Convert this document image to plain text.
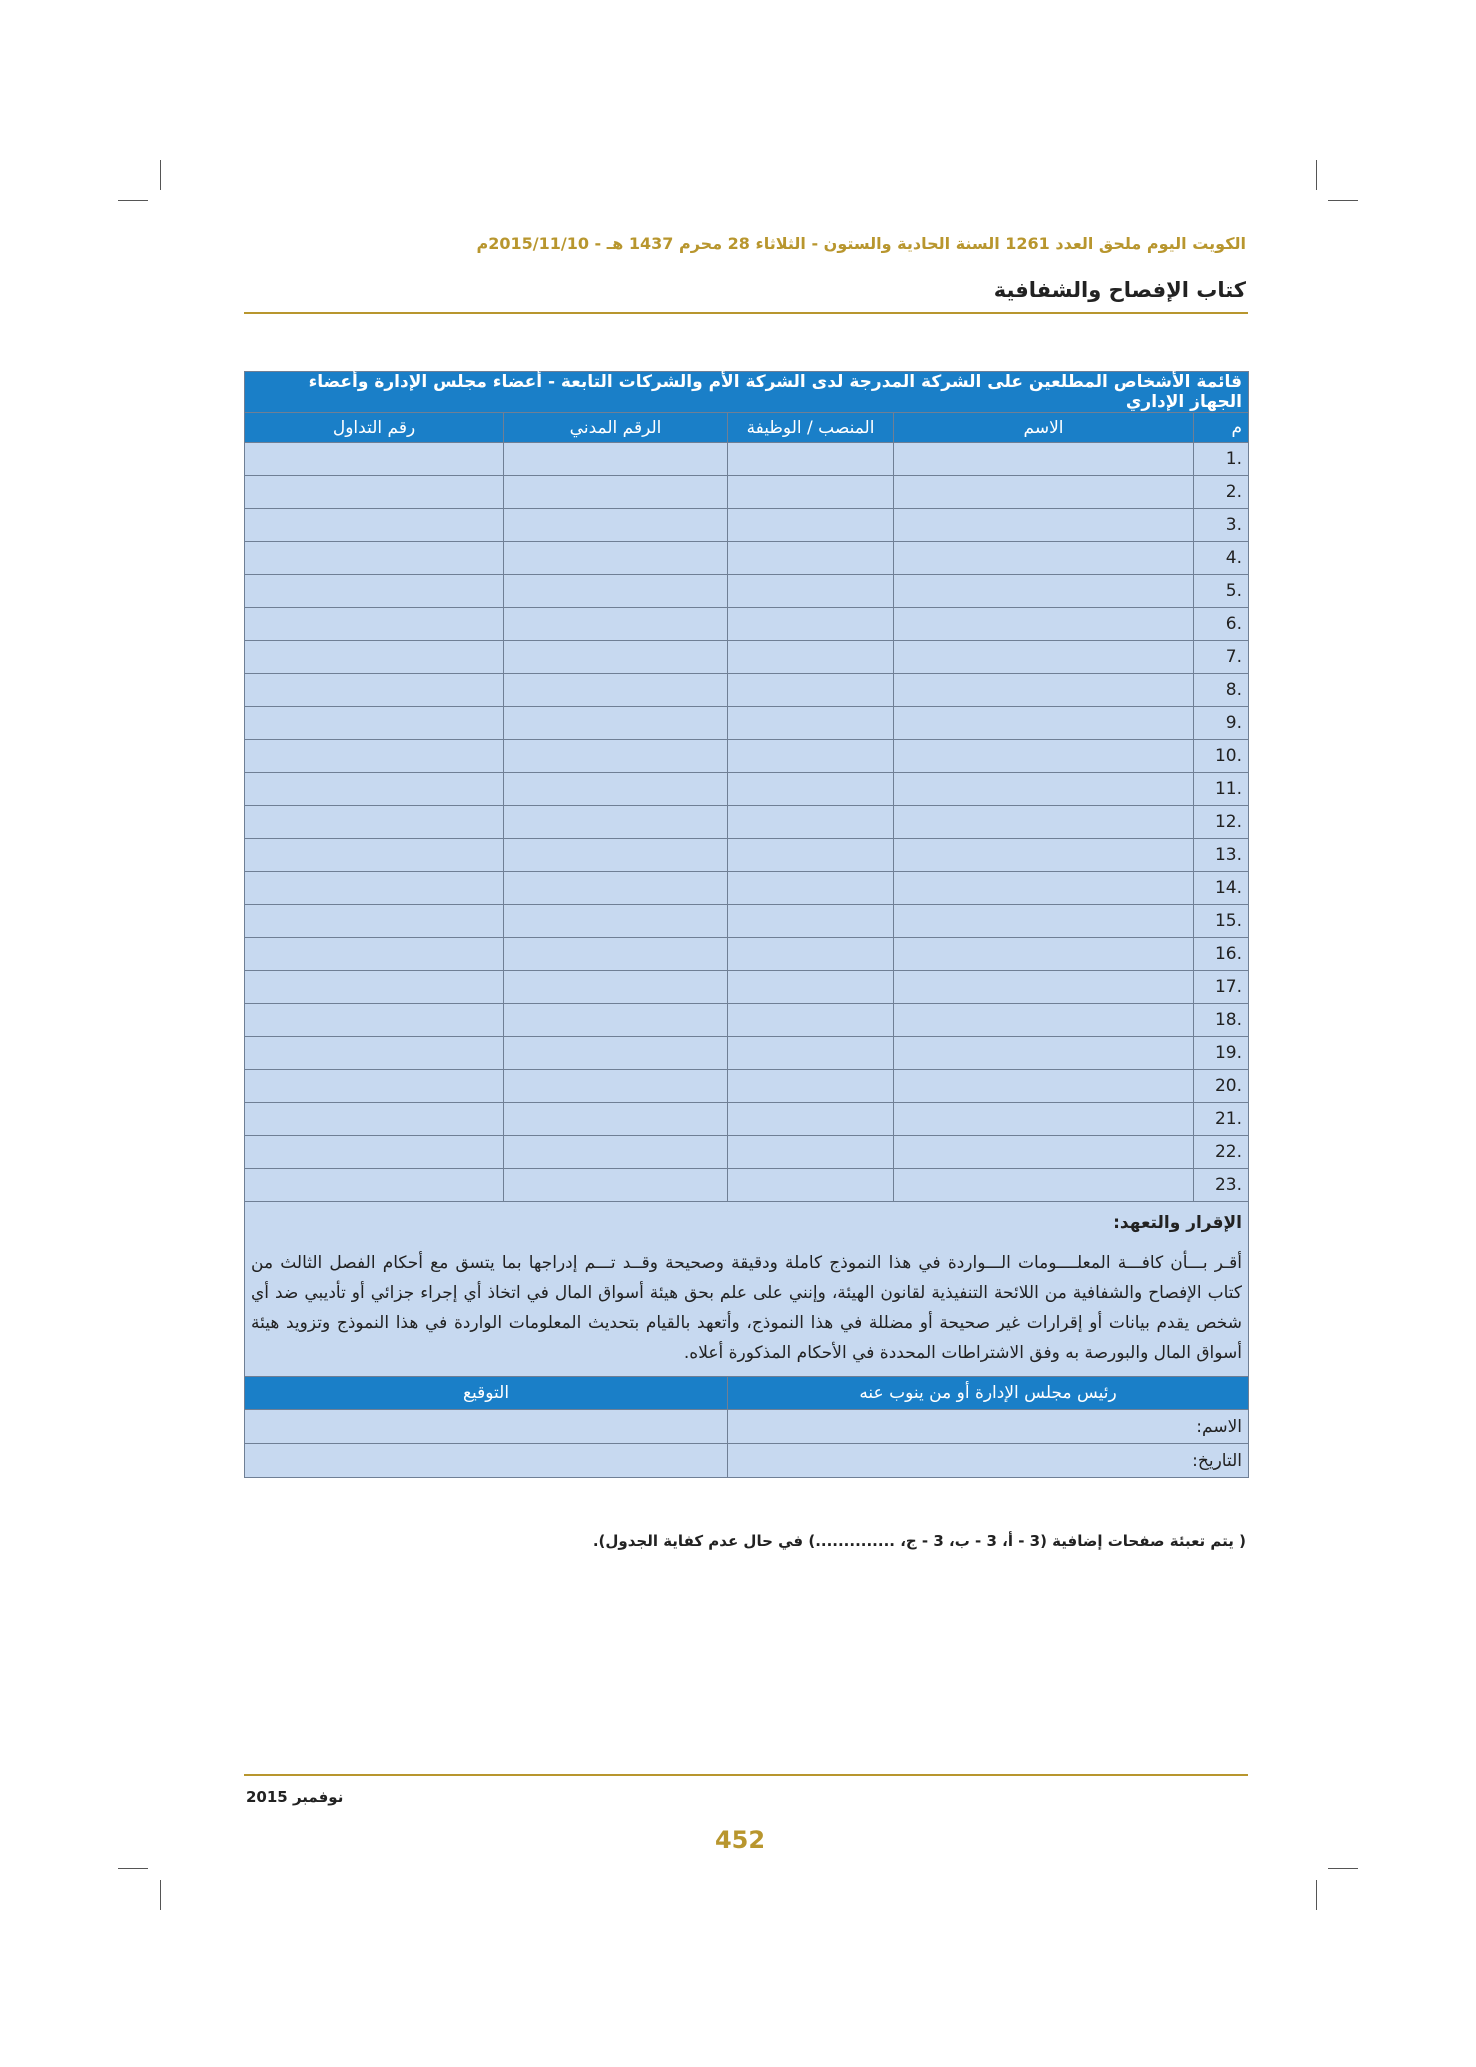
الكويت اليوم ملحق العدد 1261 السنة الحادية والستون - الثلاثاء 28 محرم 1437 هـ - 2015/11/10م
كتاب الإفصاح والشفافية
قائمة الأشخاص المطلعين على الشركة المدرجة لدى الشركة الأم والشركات التابعة - أعضاء مجلس الإدارة وأعضاء الجهاز الإداري				
م	الاسم	المنصب / الوظيفة	الرقم المدني	رقم التداول
.1				
.2				
.3				
.4				
.5				
.6				
.7				
.8				
.9				
.10				
.11				
.12				
.13				
.14				
.15				
.16				
.17				
.18				
.19				
.20				
.21				
.22				
.23				

الإقرار والتعهد:
أقـر بـــأن كافـــة المعلــــومات الـــواردة في هذا النموذج كاملة ودقيقة وصحيحة وقــد تـــم إدراجها بما يتسق مع أحكام الفصل الثالث من كتاب الإفصاح والشفافية من اللائحة التنفيذية لقانون الهيئة، وإنني على علم بحق هيئة أسواق المال في اتخاذ أي إجراء جزائي أو تأديبي ضد أي شخص يقدم بيانات أو إقرارات غير صحيحة أو مضللة في هذا النموذج، وأتعهد بالقيام بتحديث المعلومات الواردة في هذا النموذج وتزويد هيئة أسواق المال والبورصة به وفق الاشتراطات المحددة في الأحكام المذكورة أعلاه.				

رئيس مجلس الإدارة أو من ينوب عنه			التوقيع	
الاسم:				
التاريخ:				
( يتم تعبئة صفحات إضافية (3 - أ، 3 - ب، 3 - ج، ..............) في حال عدم كفاية الجدول).
نوفمبر 2015
452
